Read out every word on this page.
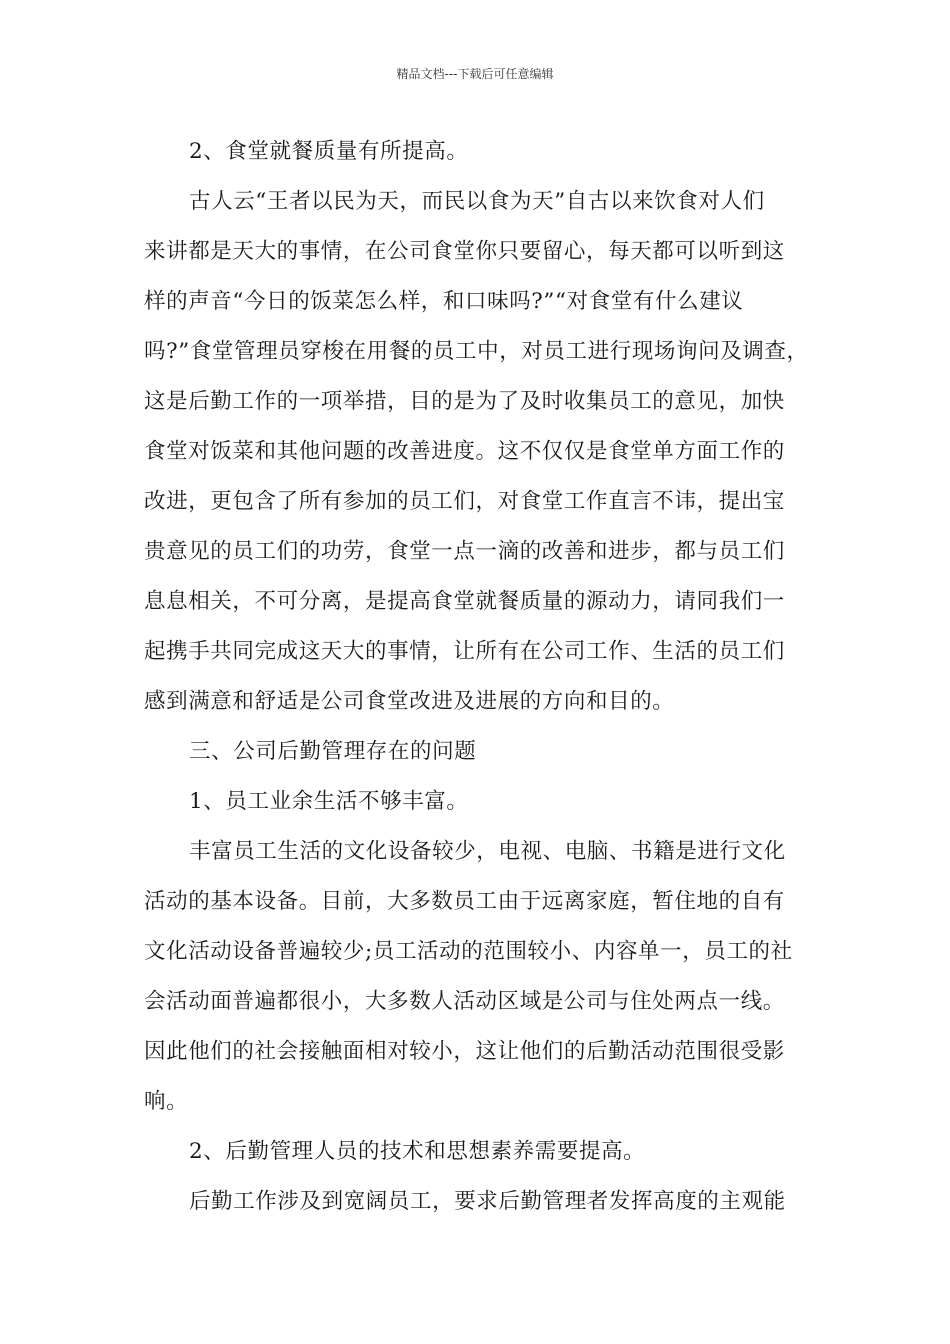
精品文档---下载后可任意编辑
2、食堂就餐质量有所提高。
古人云“王者以民为天，而民以食为天”自古以来饮食对人们
来讲都是天大的事情，在公司食堂你只要留心，每天都可以听到这
样的声音“今日的饭菜怎么样，和口味吗?”“对食堂有什么建议
吗?”食堂管理员穿梭在用餐的员工中，对员工进行现场询问及调查，
这是后勤工作的一项举措，目的是为了及时收集员工的意见，加快
食堂对饭菜和其他问题的改善进度。这不仅仅是食堂单方面工作的
改进，更包含了所有参加的员工们，对食堂工作直言不讳，提出宝
贵意见的员工们的功劳，食堂一点一滴的改善和进步，都与员工们
息息相关，不可分离，是提高食堂就餐质量的源动力，请同我们一
起携手共同完成这天大的事情，让所有在公司工作、生活的员工们
感到满意和舒适是公司食堂改进及进展的方向和目的。
三、公司后勤管理存在的问题
1、员工业余生活不够丰富。
丰富员工生活的文化设备较少，电视、电脑、书籍是进行文化
活动的基本设备。目前，大多数员工由于远离家庭，暂住地的自有
文化活动设备普遍较少;员工活动的范围较小、内容单一，员工的社
会活动面普遍都很小，大多数人活动区域是公司与住处两点一线。
因此他们的社会接触面相对较小，这让他们的后勤活动范围很受影
响。
2、后勤管理人员的技术和思想素养需要提高。
后勤工作涉及到宽阔员工，要求后勤管理者发挥高度的主观能
